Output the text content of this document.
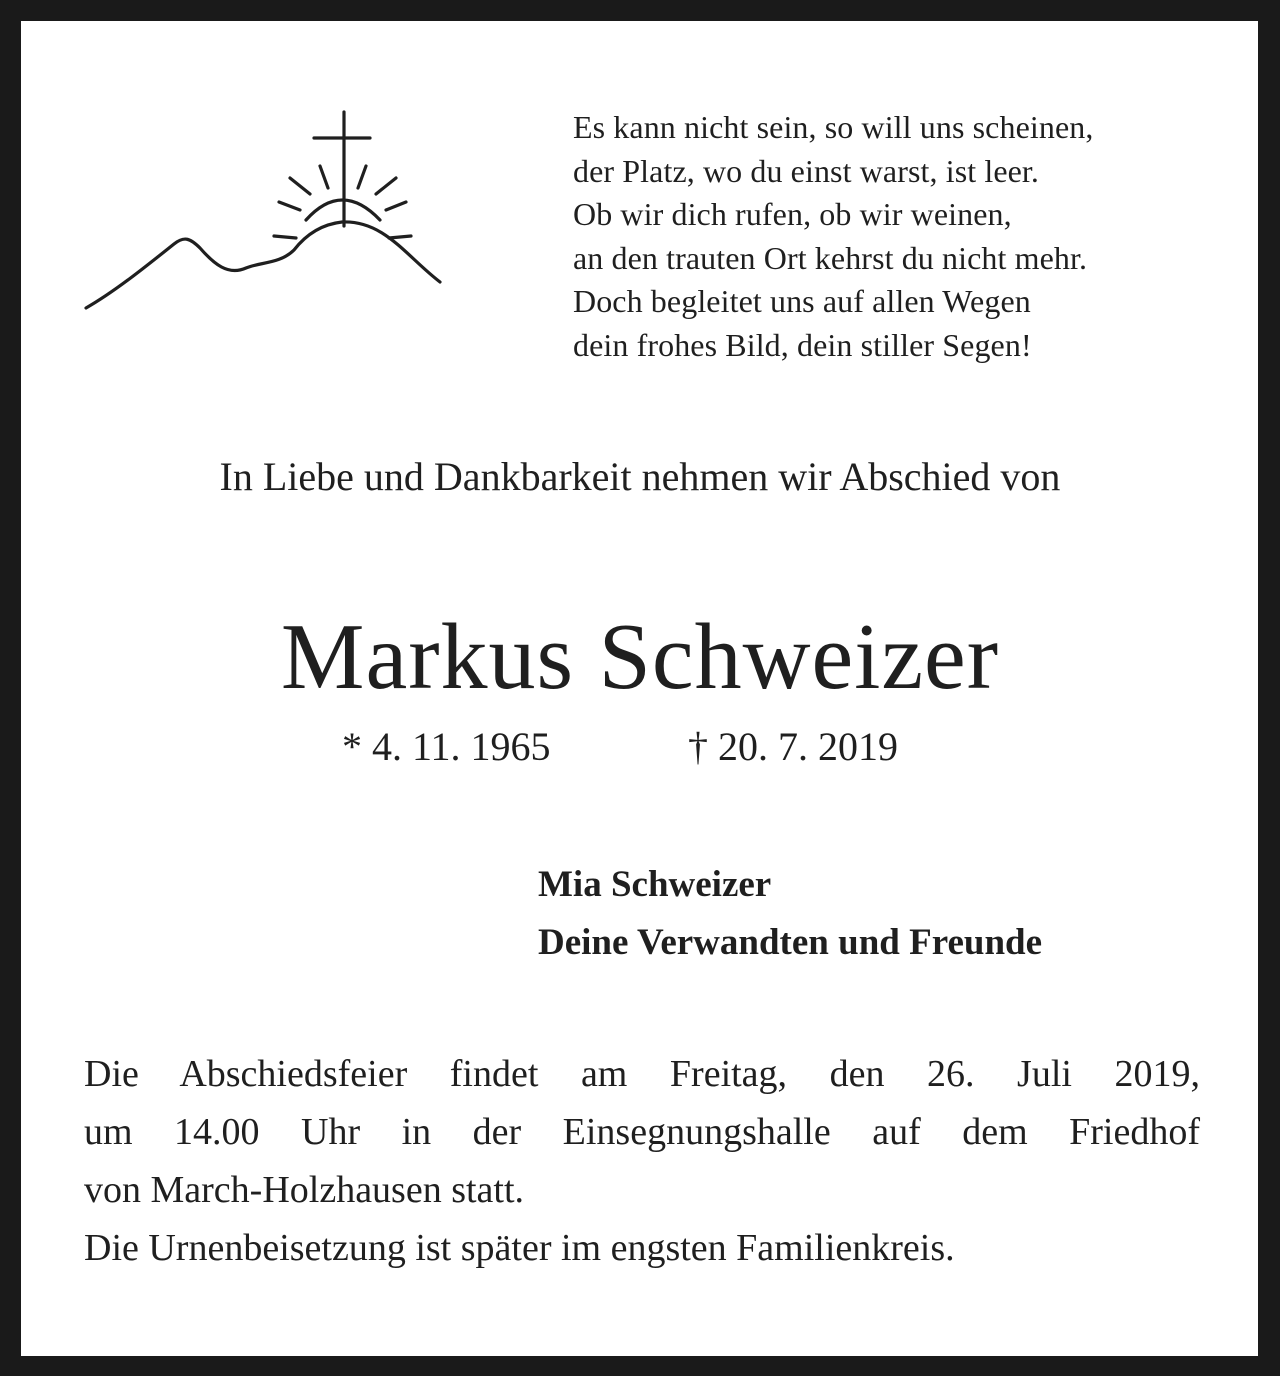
Es kann nicht sein, so will uns scheinen,
der Platz, wo du einst warst, ist leer.
Ob wir dich rufen, ob wir weinen,
an den trauten Ort kehrst du nicht mehr.
Doch begleitet uns auf allen Wegen
dein frohes Bild, dein stiller Segen!
In Liebe und Dankbarkeit nehmen wir Abschied von
Markus Schweizer
* 4. 11. 1965	† 20. 7. 2019
Mia Schweizer
Deine Verwandten und Freunde
Die Abschiedsfeier findet am Freitag, den 26. Juli 2019,
um 14.00 Uhr in der Einsegnungshalle auf dem Friedhof
von March-Holzhausen statt.
Die Urnenbeisetzung ist später im engsten Familienkreis.
